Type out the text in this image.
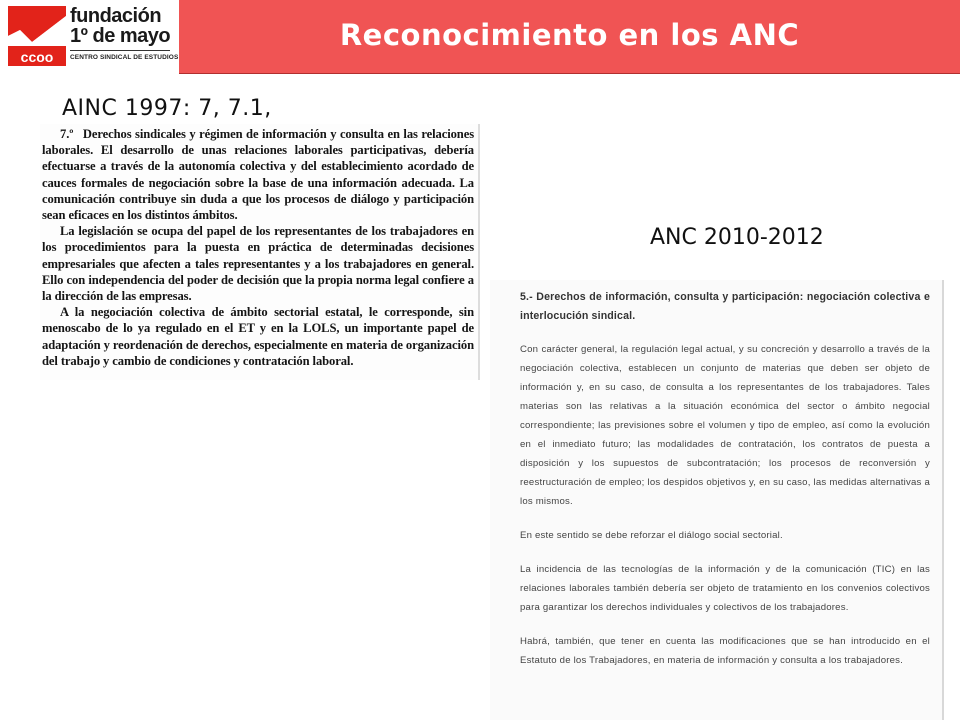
ccoo
fundación
1º de mayo
CENTRO SINDICAL DE ESTUDIOS
Reconocimiento en los ANC
AINC 1997: 7, 7.1,
ANC 2010-2012

7.º Derechos sindicales y régimen de información y consulta en las relaciones laborales. El desarrollo de unas relaciones laborales participativas, debería efectuarse a través de la autonomía colectiva y del establecimiento acordado de cauces formales de negociación sobre la base de una información adecuada. La comunicación contribuye sin duda a que los procesos de diálogo y participación sean eficaces en los distintos ámbitos.

La legislación se ocupa del papel de los representantes de los trabajadores en los procedimientos para la puesta en práctica de determinadas decisiones empresariales que afecten a tales representantes y a los trabajadores en general. Ello con independencia del poder de decisión que la propia norma legal confiere a la dirección de las empresas.

A la negociación colectiva de ámbito sectorial estatal, le corresponde, sin menoscabo de lo ya regulado en el ET y en la LOLS, un importante papel de adaptación y reordenación de derechos, especialmente en materia de organización del trabajo y cambio de condiciones y contratación laboral.

5.- Derechos de información, consulta y participación: negociación colectiva e interlocución sindical.

Con carácter general, la regulación legal actual, y su concreción y desarrollo a través de la negociación colectiva, establecen un conjunto de materias que deben ser objeto de información y, en su caso, de consulta a los representantes de los trabajadores. Tales materias son las relativas a la situación económica del sector o ámbito negocial correspondiente; las previsiones sobre el volumen y tipo de empleo, así como la evolución en el inmediato futuro; las modalidades de contratación, los contratos de puesta a disposición y los supuestos de subcontratación; los procesos de reconversión y reestructuración de empleo; los despidos objetivos y, en su caso, las medidas alternativas a los mismos.

En este sentido se debe reforzar el diálogo social sectorial.

La incidencia de las tecnologías de la información y de la comunicación (TIC) en las relaciones laborales también debería ser objeto de tratamiento en los convenios colectivos para garantizar los derechos individuales y colectivos de los trabajadores.

Habrá, también, que tener en cuenta las modificaciones que se han introducido en el Estatuto de los Trabajadores, en materia de información y consulta a los trabajadores.
